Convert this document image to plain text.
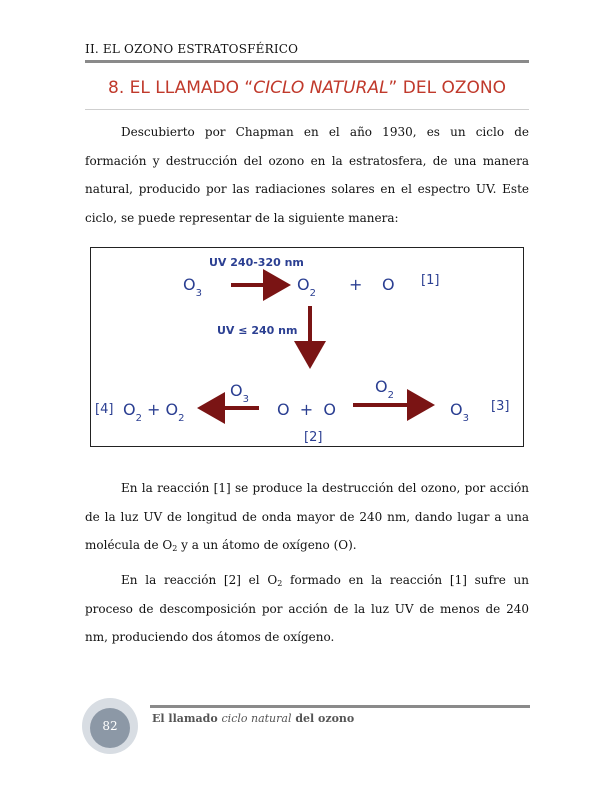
II. EL OZONO ESTRATOSFÉRICO
8. EL LLAMADO “CICLO NATURAL” DEL OZONO
Descubierto por Chapman en el año 1930, es un ciclo de formación y destrucción del ozono en la estratosfera, de una manera natural, producido por las radiaciones solares en el espectro UV. Este ciclo, se puede representar de la siguiente manera:
UV 240-320 nm
$O_3$	$O_2 + O$ [1]
UV ≤ 240 nm
$O_3$
$O_2$
[4] $O_2 + O_2$	O  +  O	$O_3$
[3]
[2]
En la reacción [1] se produce la destrucción del ozono, por acción de la luz UV de longitud de onda mayor de 240 nm, dando lugar a una molécula de $O_2$ y a un átomo de oxígeno (O).
En la reacción [2] el $O_2$ formado en la reacción [1] sufre un proceso de descomposición por acción de la luz UV de menos de 240 nm, produciendo dos átomos de oxígeno.
82
El llamado ciclo natural del ozono
